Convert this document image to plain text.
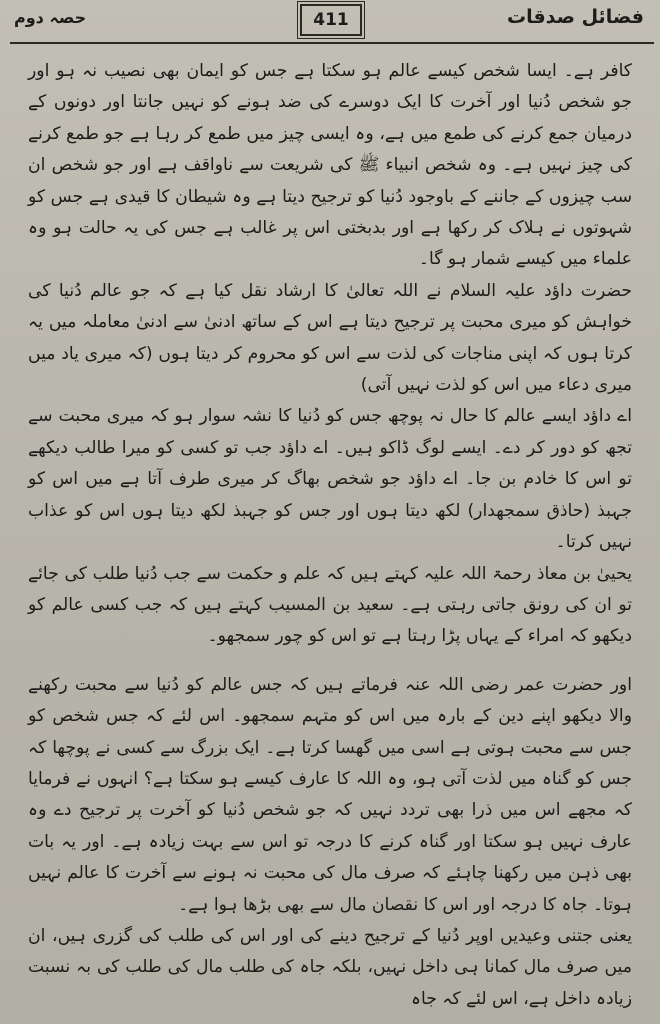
فضائل صدقات
411
حصہ دوم

کافر ہے۔ ایسا شخص کیسے عالم ہو سکتا ہے جس کو ایمان بھی نصیب نہ ہو اور جو شخص دُنیا اور آخرت کا ایک دوسرے کی ضد ہونے کو نہیں جانتا اور دونوں کے درمیان جمع کرنے کی طمع میں ہے، وہ ایسی چیز میں طمع کر رہا ہے جو طمع کرنے کی چیز نہیں ہے۔ وہ شخص انبیاء ﷺ کی شریعت سے ناواقف ہے اور جو شخص ان سب چیزوں کے جاننے کے باوجود دُنیا کو ترجیح دیتا ہے وہ شیطان کا قیدی ہے جس کو شہوتوں نے ہلاک کر رکھا ہے اور بدبختی اس پر غالب ہے جس کی یہ حالت ہو وہ علماء میں کیسے شمار ہو گا۔

حضرت داؤد علیہ السلام نے اللہ تعالیٰ کا ارشاد نقل کیا ہے کہ جو عالم دُنیا کی خواہش کو میری محبت پر ترجیح دیتا ہے اس کے ساتھ ادنیٰ سے ادنیٰ معاملہ میں یہ کرتا ہوں کہ اپنی مناجات کی لذت سے اس کو محروم کر دیتا ہوں (کہ میری یاد میں میری دعاء میں اس کو لذت نہیں آتی)

اے داؤد ایسے عالم کا حال نہ پوچھ جس کو دُنیا کا نشہ سوار ہو کہ میری محبت سے تجھ کو دور کر دے۔ ایسے لوگ ڈاکو ہیں۔ اے داؤد جب تو کسی کو میرا طالب دیکھے تو اس کا خادم بن جا۔ اے داؤد جو شخص بھاگ کر میری طرف آتا ہے میں اس کو جہبذ (حاذق سمجھدار) لکھ دیتا ہوں اور جس کو جہبذ لکھ دیتا ہوں اس کو عذاب نہیں کرتا۔

یحییٰ بن معاذ رحمۃ اللہ علیہ کہتے ہیں کہ علم و حکمت سے جب دُنیا طلب کی جائے تو ان کی رونق جاتی رہتی ہے۔ سعید بن المسیب کہتے ہیں کہ جب کسی عالم کو دیکھو کہ امراء کے یہاں پڑا رہتا ہے تو اس کو چور سمجھو۔

اور حضرت عمر رضی اللہ عنہ فرماتے ہیں کہ جس عالم کو دُنیا سے محبت رکھنے والا دیکھو اپنے دین کے بارہ میں اس کو متہم سمجھو۔ اس لئے کہ جس شخص کو جس سے محبت ہوتی ہے اسی میں گھسا کرتا ہے۔ ایک بزرگ سے کسی نے پوچھا کہ جس کو گناہ میں لذت آتی ہو، وہ اللہ کا عارف کیسے ہو سکتا ہے؟ انہوں نے فرمایا کہ مجھے اس میں ذرا بھی تردد نہیں کہ جو شخص دُنیا کو آخرت پر ترجیح دے وہ عارف نہیں ہو سکتا اور گناہ کرنے کا درجہ تو اس سے بہت زیادہ ہے۔ اور یہ بات بھی ذہن میں رکھنا چاہئے کہ صرف مال کی محبت نہ ہونے سے آخرت کا عالم نہیں ہوتا۔ جاہ کا درجہ اور اس کا نقصان مال سے بھی بڑھا ہوا ہے۔

یعنی جتنی وعیدیں اوپر دُنیا کے ترجیح دینے کی اور اس کی طلب کی گزری ہیں، ان میں صرف مال کمانا ہی داخل نہیں، بلکہ جاہ کی طلب مال کی طلب کی بہ نسبت زیادہ داخل ہے، اس لئے کہ جاہ
